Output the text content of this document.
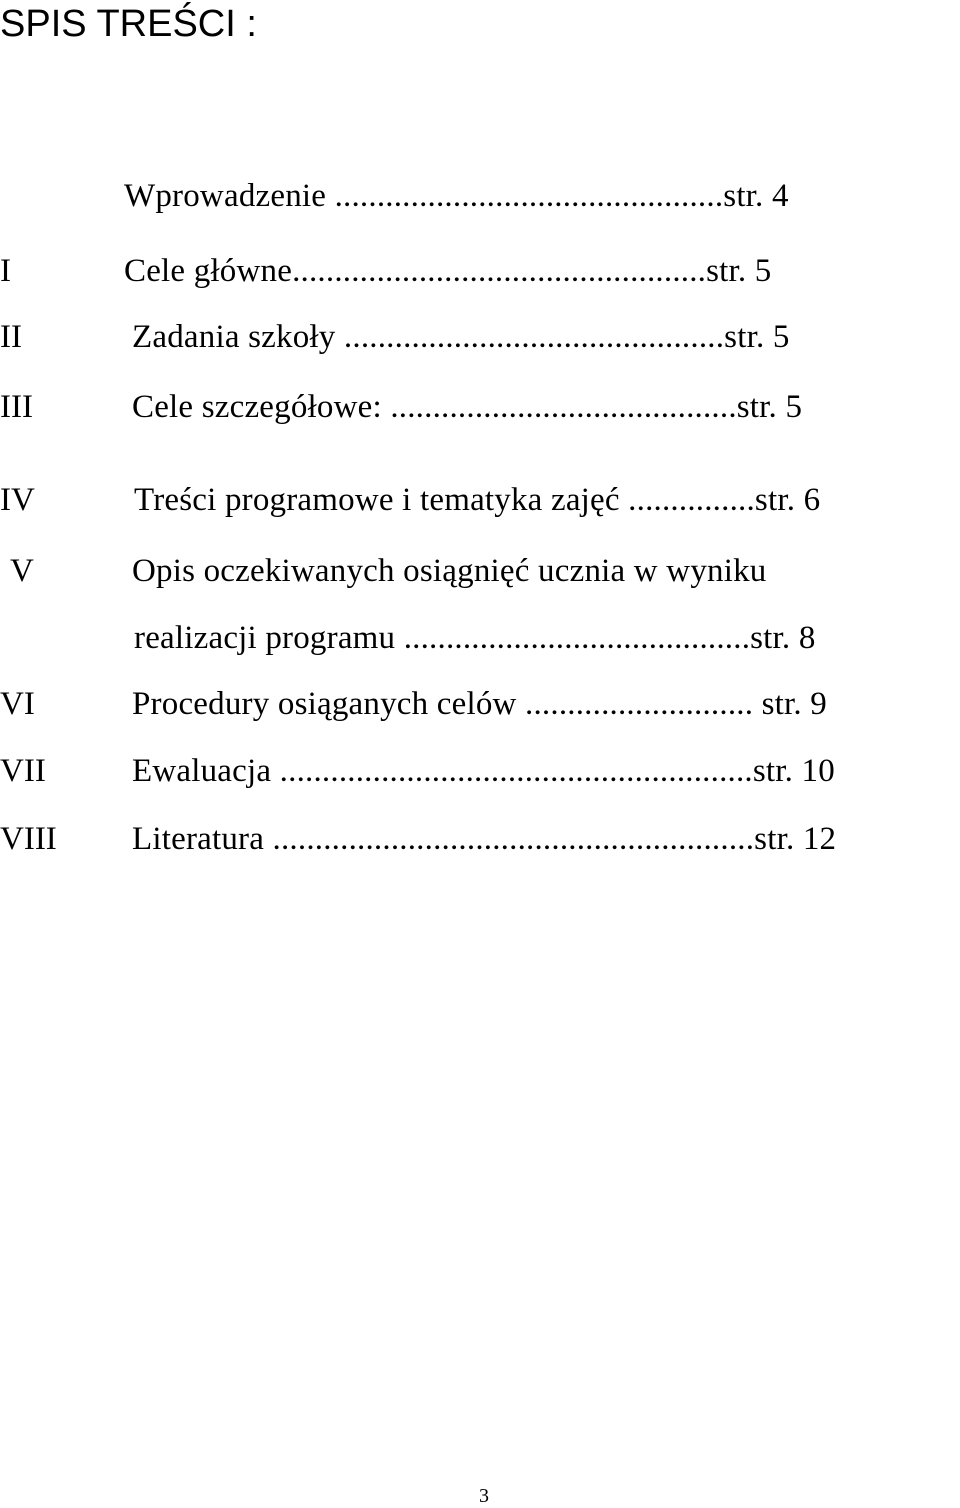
SPIS TREŚCI :
Wprowadzenie ..............................................str. 4
I	Cele główne.................................................str. 5
II	Zadania szkoły .............................................str. 5
III	Cele szczegółowe: .........................................str. 5
IV	Treści programowe i tematyka zajęć ...............str. 6
V	Opis oczekiwanych osiągnięć ucznia w wyniku
realizacji programu .........................................str. 8
VI	Procedury osiąganych celów ........................... str. 9
VII	Ewaluacja ........................................................str. 10
VIII Literatura .........................................................str. 12
3
